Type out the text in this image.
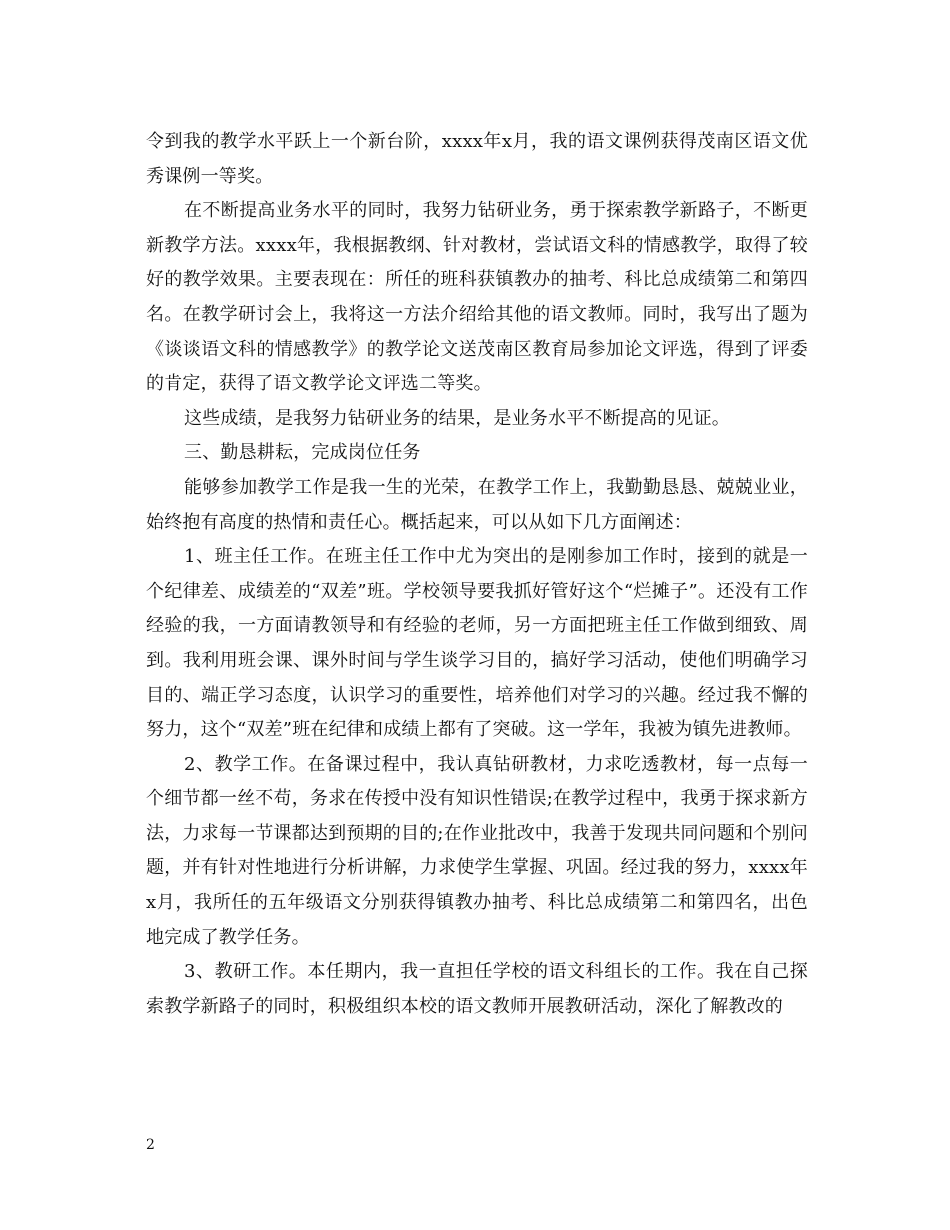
令到我的教学水平跃上一个新台阶，xxxx年x月，我的语文课例获得茂南区语文优秀课例一等奖。

在不断提高业务水平的同时，我努力钻研业务，勇于探索教学新路子，不断更新教学方法。xxxx年，我根据教纲、针对教材，尝试语文科的情感教学，取得了较好的教学效果。主要表现在：所任的班科获镇教办的抽考、科比总成绩第二和第四名。在教学研讨会上，我将这一方法介绍给其他的语文教师。同时，我写出了题为《谈谈语文科的情感教学》的教学论文送茂南区教育局参加论文评选，得到了评委的肯定，获得了语文教学论文评选二等奖。

这些成绩，是我努力钻研业务的结果，是业务水平不断提高的见证。

三、勤恳耕耘，完成岗位任务

能够参加教学工作是我一生的光荣，在教学工作上，我勤勤恳恳、兢兢业业，始终抱有高度的热情和责任心。概括起来，可以从如下几方面阐述：

1、班主任工作。在班主任工作中尤为突出的是刚参加工作时，接到的就是一个纪律差、成绩差的“双差”班。学校领导要我抓好管好这个“烂摊子”。还没有工作经验的我，一方面请教领导和有经验的老师，另一方面把班主任工作做到细致、周到。我利用班会课、课外时间与学生谈学习目的，搞好学习活动，使他们明确学习目的、端正学习态度，认识学习的重要性，培养他们对学习的兴趣。经过我不懈的努力，这个“双差”班在纪律和成绩上都有了突破。这一学年，我被为镇先进教师。

2、教学工作。在备课过程中，我认真钻研教材，力求吃透教材，每一点每一个细节都一丝不苟，务求在传授中没有知识性错误;在教学过程中，我勇于探求新方法，力求每一节课都达到预期的目的;在作业批改中，我善于发现共同问题和个别问题，并有针对性地进行分析讲解，力求使学生掌握、巩固。经过我的努力，xxxx年x月，我所任的五年级语文分别获得镇教办抽考、科比总成绩第二和第四名，出色地完成了教学任务。

3、教研工作。本任期内，我一直担任学校的语文科组长的工作。我在自己探索教学新路子的同时，积极组织本校的语文教师开展教研活动，深化了解教改的

2
